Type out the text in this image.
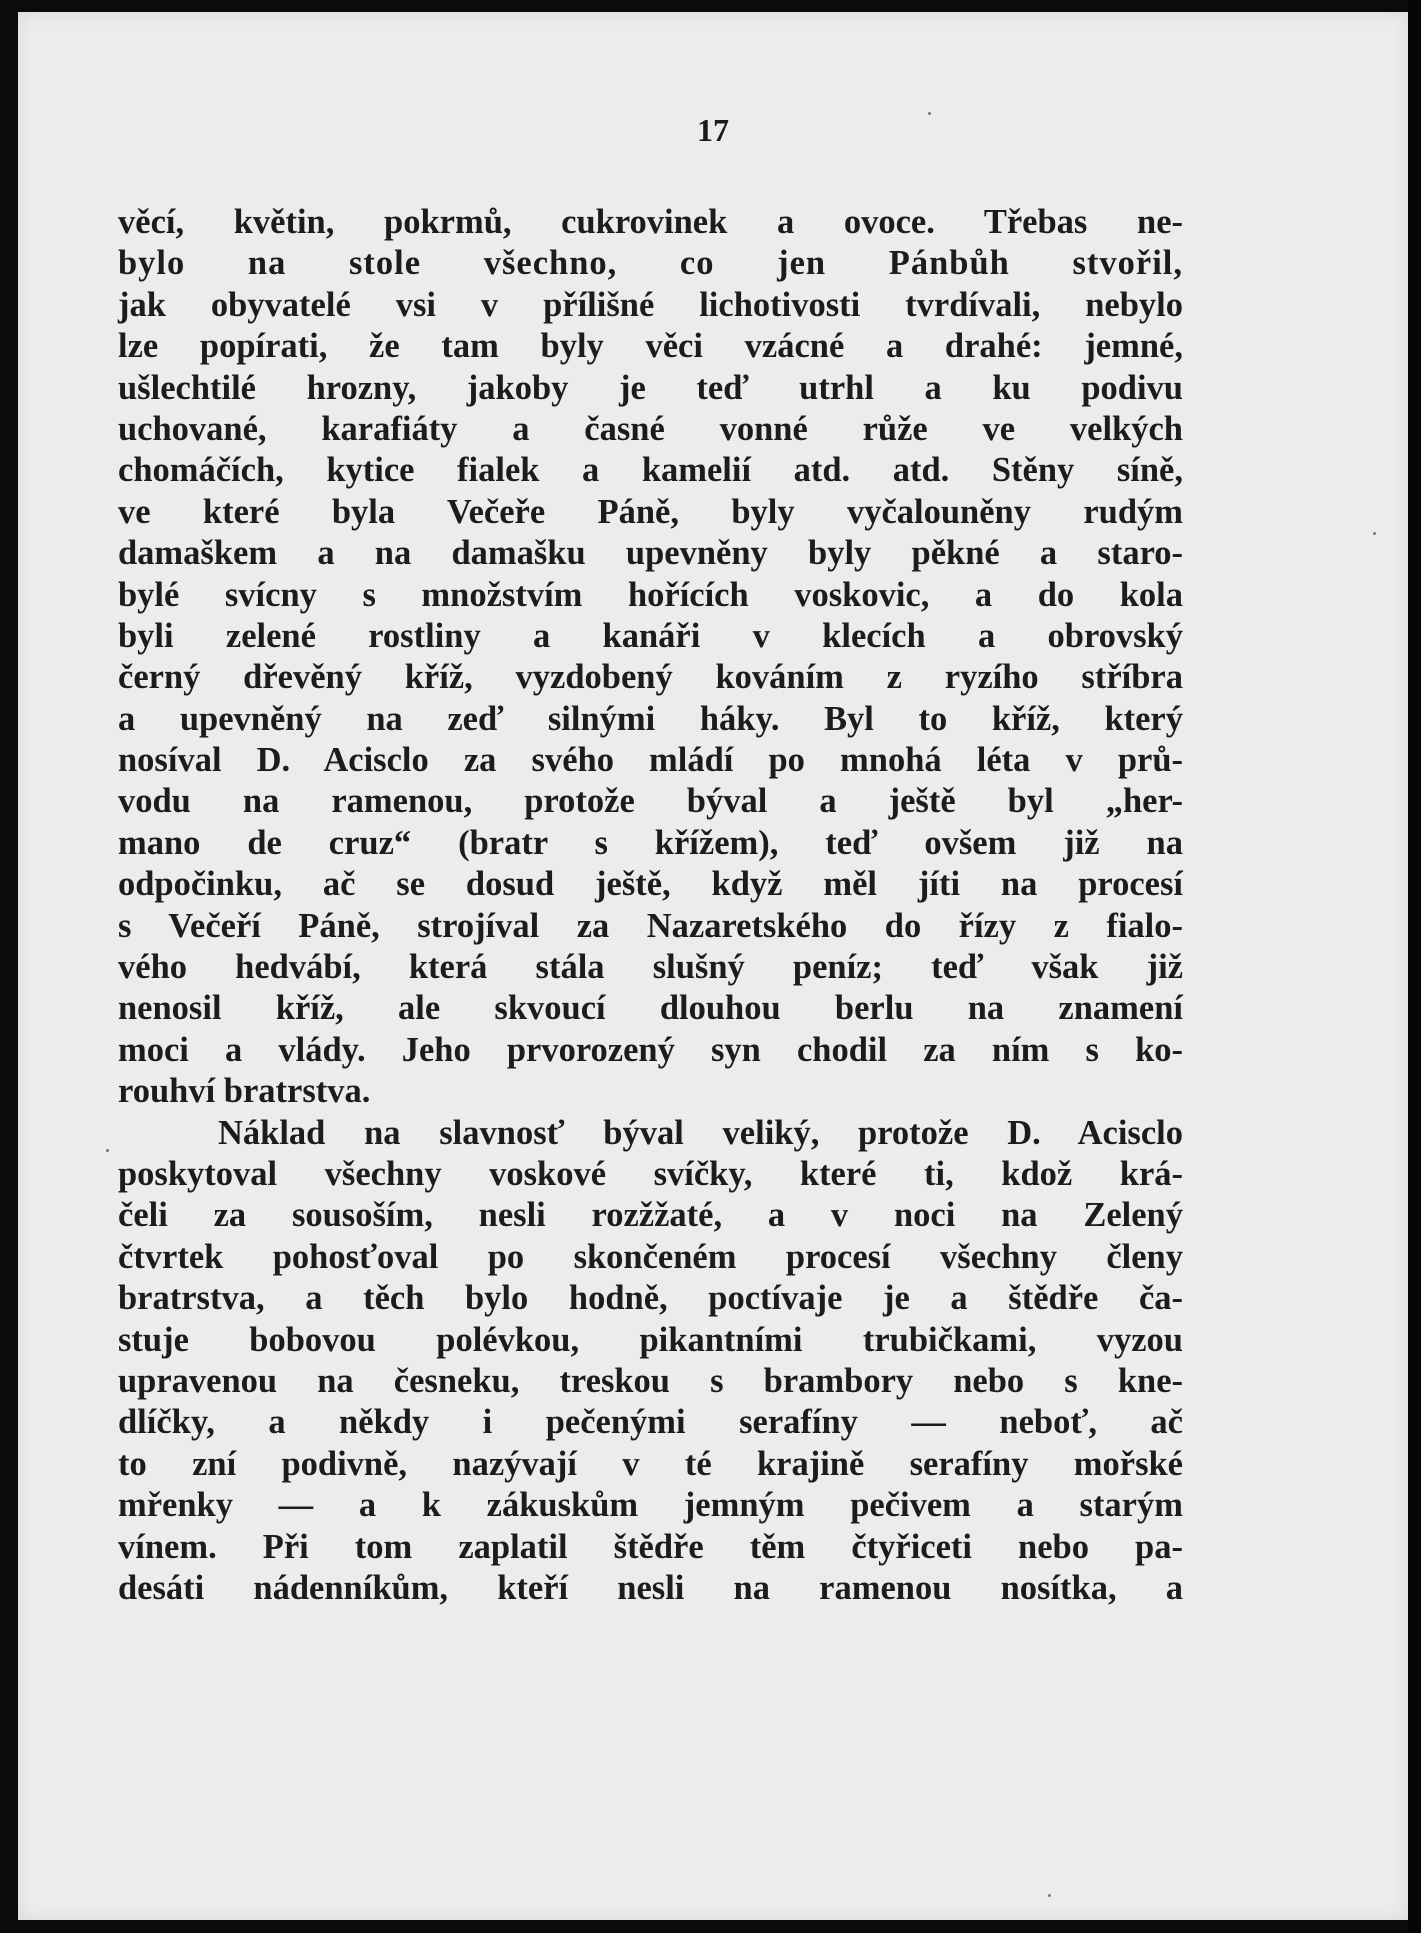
17
věcí, květin, pokrmů, cukrovinek a ovoce. Třebas ne-
bylo na stole všechno, co jen Pánbůh stvořil,
jak obyvatelé vsi v přílišné lichotivosti tvrdívali, nebylo
lze popírati, že tam byly věci vzácné a drahé: jemné,
ušlechtilé hrozny, jakoby je teď utrhl a ku podivu
uchované, karafiáty a časné vonné růže ve velkých
chomáčích, kytice fialek a kamelií atd. atd. Stěny síně,
ve které byla Večeře Páně, byly vyčalouněny rudým
damaškem a na damašku upevněny byly pěkné a staro-
bylé svícny s množstvím hořících voskovic, a do kola
byli zelené rostliny a kanáři v klecích a obrovský
černý dřevěný kříž, vyzdobený kováním z ryzího stříbra
a upevněný na zeď silnými háky. Byl to kříž, který
nosíval D. Acisclo za svého mládí po mnohá léta v prů-
vodu na ramenou, protože býval a ještě byl „her-
mano de cruz“ (bratr s křížem), teď ovšem již na
odpočinku, ač se dosud ještě, když měl jíti na procesí
s Večeří Páně, strojíval za Nazaretského do řízy z fialo-
vého hedvábí, která stála slušný peníz; teď však již
nenosil kříž, ale skvoucí dlouhou berlu na znamení
moci a vlády. Jeho prvorozený syn chodil za ním s ko-
rouhví bratrstva.
Náklad na slavnosť býval veliký, protože D. Acisclo
poskytoval všechny voskové svíčky, které ti, kdož krá-
čeli za sousoším, nesli rozžžaté, a v noci na Zelený
čtvrtek pohosťoval po skončeném procesí všechny členy
bratrstva, a těch bylo hodně, poctívaje je a štědře ča-
stuje bobovou polévkou, pikantními trubičkami, vyzou
upravenou na česneku, treskou s brambory nebo s kne-
dlíčky, a někdy i pečenými serafíny — neboť, ač
to zní podivně, nazývají v té krajině serafíny mořské
mřenky — a k zákuskům jemným pečivem a starým
vínem. Při tom zaplatil štědře těm čtyřiceti nebo pa-
desáti nádenníkům, kteří nesli na ramenou nosítka, a
